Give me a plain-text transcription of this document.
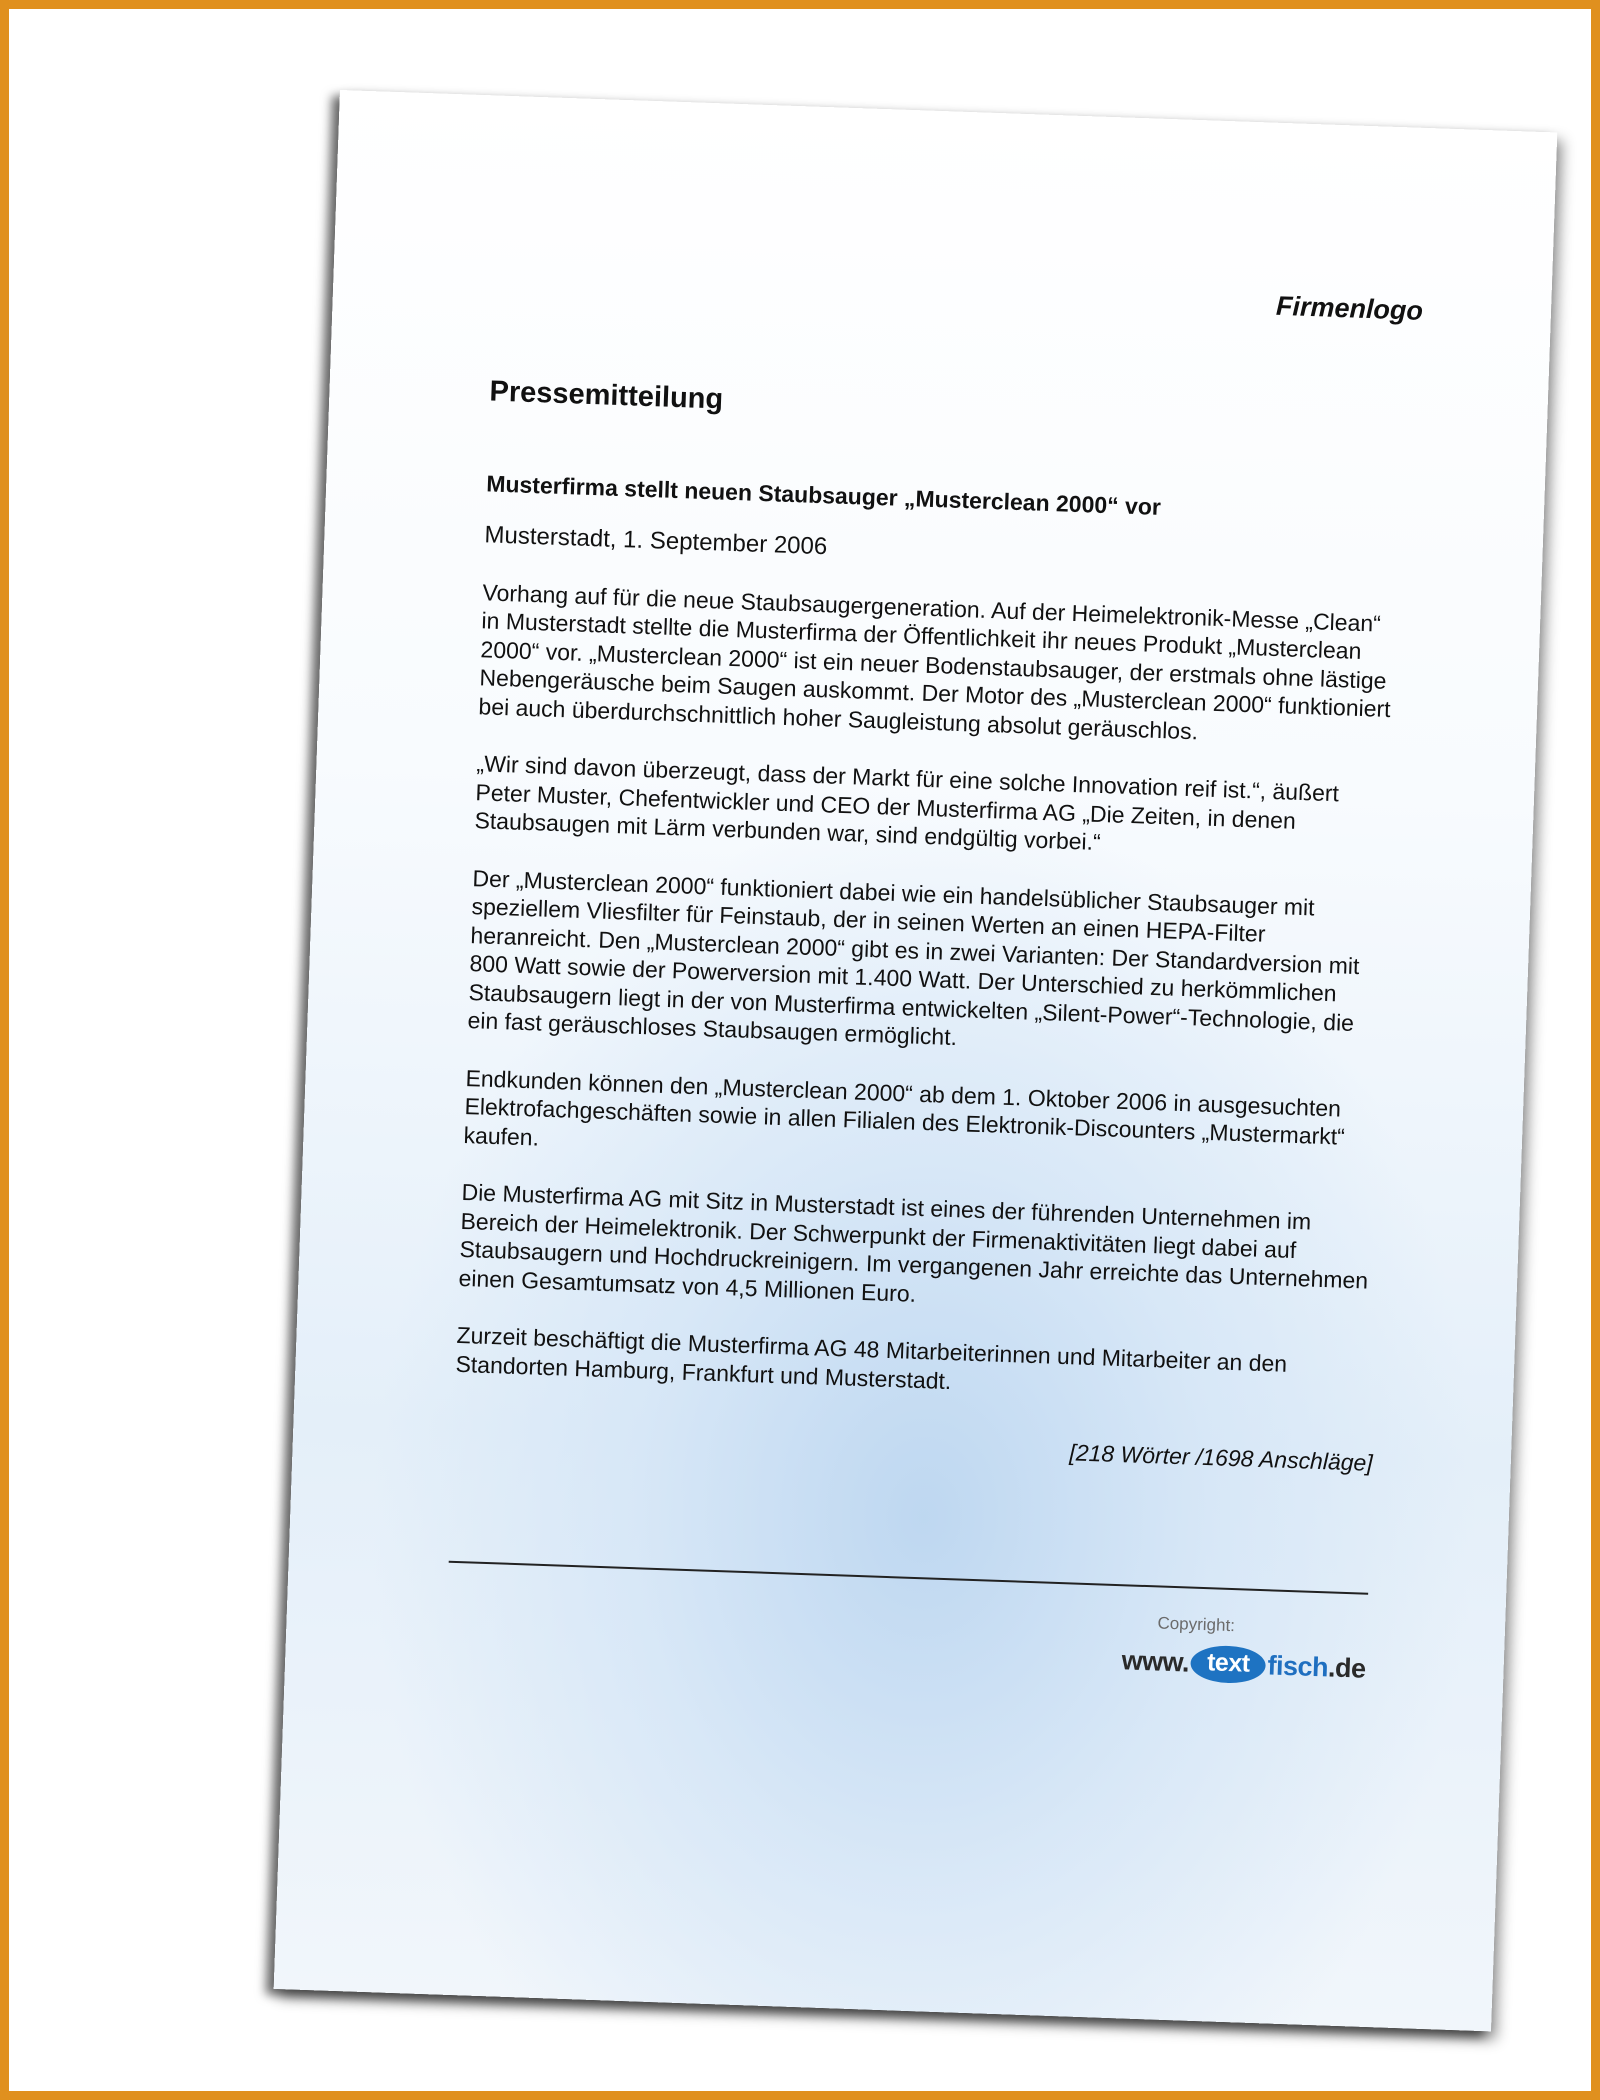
Firmenlogo

Pressemitteilung
Musterfirma stellt neuen Staubsauger „Musterclean 2000“ vor

Musterstadt, 1. September 2006

Vorhang auf für die neue Staubsaugergeneration. Auf der Heimelektronik-Messe „Clean“ in Musterstadt stellte die Musterfirma der Öffentlichkeit ihr neues Produkt „Musterclean 2000“ vor. „Musterclean 2000“ ist ein neuer Bodenstaubsauger, der erstmals ohne lästige Nebengeräusche beim Saugen auskommt. Der Motor des „Musterclean 2000“ funktioniert bei auch überdurchschnittlich hoher Saugleistung absolut geräuschlos.

„Wir sind davon überzeugt, dass der Markt für eine solche Innovation reif ist.“, äußert Peter Muster, Chefentwickler und CEO der Musterfirma AG „Die Zeiten, in denen Staubsaugen mit Lärm verbunden war, sind endgültig vorbei.“

Der „Musterclean 2000“ funktioniert dabei wie ein handelsüblicher Staubsauger mit speziellem Vliesfilter für Feinstaub, der in seinen Werten an einen HEPA-Filter heranreicht. Den „Musterclean 2000“ gibt es in zwei Varianten: Der Standardversion mit 800 Watt sowie der Powerversion mit 1.400 Watt. Der Unterschied zu herkömmlichen Staubsaugern liegt in der von Musterfirma entwickelten „Silent-Power“-Technologie, die ein fast geräuschloses Staubsaugen ermöglicht.

Endkunden können den „Musterclean 2000“ ab dem 1. Oktober 2006 in ausgesuchten Elektrofachgeschäften sowie in allen Filialen des Elektronik-Discounters „Mustermarkt“ kaufen.

Die Musterfirma AG mit Sitz in Musterstadt ist eines der führenden Unternehmen im Bereich der Heimelektronik. Der Schwerpunkt der Firmenaktivitäten liegt dabei auf Staubsaugern und Hochdruckreinigern. Im vergangenen Jahr erreichte das Unternehmen einen Gesamtumsatz von 4,5 Millionen Euro.

Zurzeit beschäftigt die Musterfirma AG 48 Mitarbeiterinnen und Mitarbeiter an den Standorten Hamburg, Frankfurt und Musterstadt.

[218 Wörter /1698 Anschläge]

Copyright:
www. text fisch
.de
